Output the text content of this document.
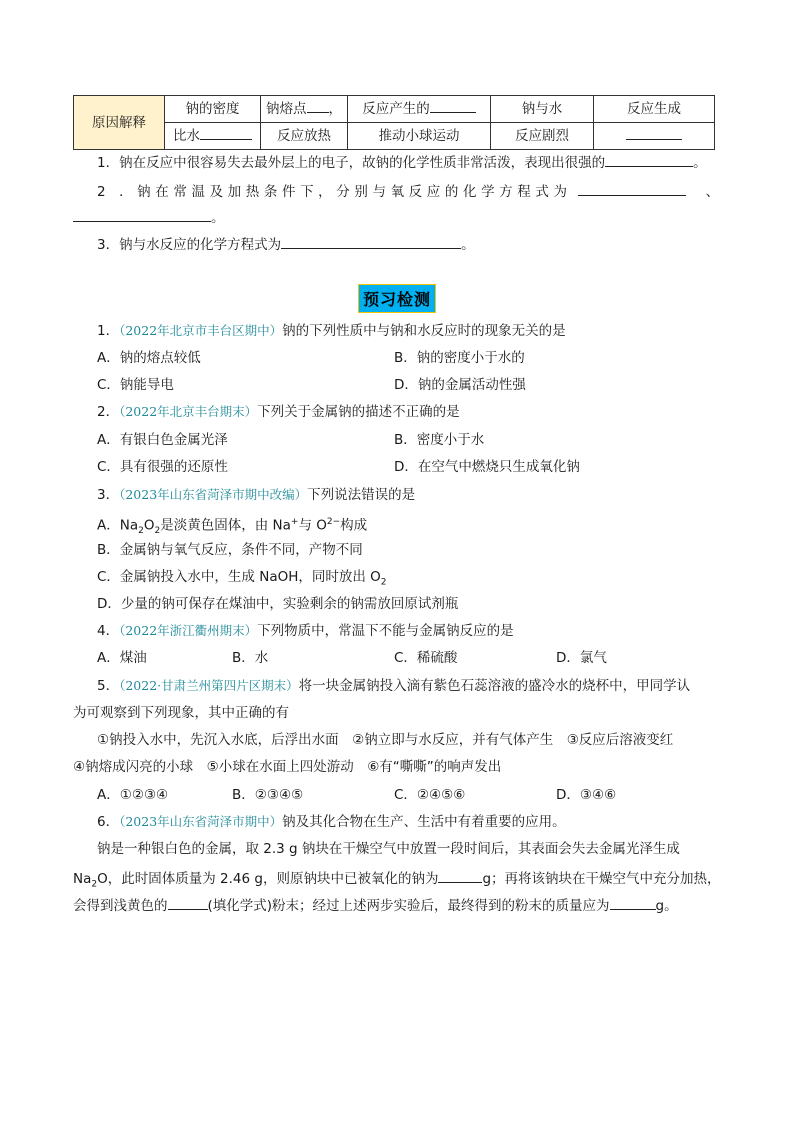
原因解释	钠的密度	钠熔点 ，	反应产生的	钠与水	反应生成
	比水	反应放热	推动小球运动	反应剧烈	
1．钠在反应中很容易失去最外层上的电子，故钠的化学性质非常活泼，表现出很强的	。
2 ．钠在常温及加热条件下，分别与氧反应的化学方程式为	、
。
3．钠与水反应的化学方程式为	。
预习检测
1．（2022年北京市丰台区期中）钠的下列性质中与钠和水反应时的现象无关的是
A．钠的熔点较低	B．钠的密度小于水的
C．钠能导电	D．钠的金属活动性强
2．（2022年北京丰台期末）下列关于金属钠的描述不正确的是
A．有银白色金属光泽	B．密度小于水
C．具有很强的还原性	D．在空气中燃烧只生成氧化钠
3．（2023年山东省菏泽市期中改编）下列说法错误的是
A．$Na_2O_2$是淡黄色固体，由 Na+与 $O^{2-}$构成
B．金属钠与氧气反应，条件不同，产物不同
C．金属钠投入水中，生成 NaOH，同时放出 $O_2$
D．少量的钠可保存在煤油中，实验剩余的钠需放回原试剂瓶
4．（2022年浙江衢州期末）下列物质中，常温下不能与金属钠反应的是
A．煤油	B．水	C．稀硫酸	D．氯气
5．（2022·甘肃兰州第四片区期末）将一块金属钠投入滴有紫色石蕊溶液的盛冷水的烧杯中，甲同学认
为可观察到下列现象，其中正确的有
①钠投入水中，先沉入水底，后浮出水面　②钠立即与水反应，并有气体产生　③反应后溶液变红
④钠熔成闪亮的小球　⑤小球在水面上四处游动　⑥有“嘶嘶”的响声发出
A．①②③④	B．②③④⑤	C．②④⑤⑥	D．③④⑥
6．（2023年山东省菏泽市期中）钠及其化合物在生产、生活中有着重要的应用。
钠是一种银白色的金属，取 2.3 g 钠块在干燥空气中放置一段时间后，其表面会失去金属光泽生成
$Na_2O$，此时固体质量为 2.46 g，则原钠块中已被氧化的钠为	g；再将该钠块在干燥空气中充分加热，
会得到浅黄色的	(填化学式)粉末；经过上述两步实验后，最终得到的粉末的质量应为	g。
